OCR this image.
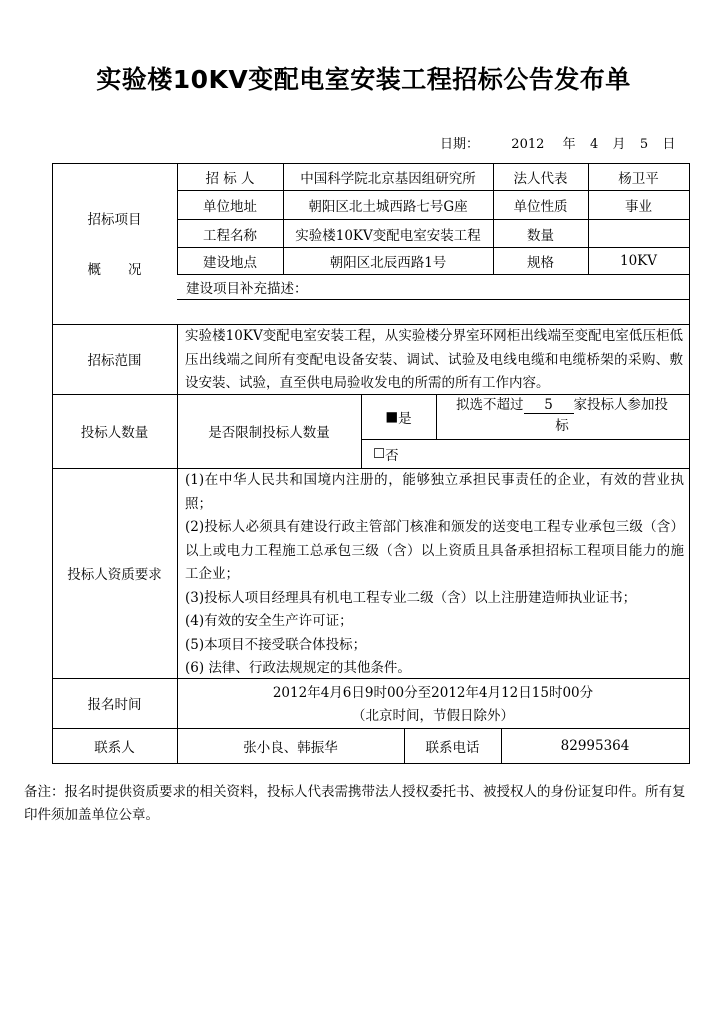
实验楼10KV变配电室安装工程招标公告发布单
日期： 2012 年 4 月 5 日
招标项目
概　　况
招 标 人	中国科学院北京基因组研究所	法人代表	杨卫平
单位地址	朝阳区北土城西路七号G座	单位性质	事业
工程名称	实验楼10KV变配电室安装工程	数量
建设地点	朝阳区北辰西路1号	规格	10KV
建设项目补充描述：
招标范围
实验楼10KV变配电室安装工程，从实验楼分界室环网柜出线端至变配电室低压柜低压出线端之间所有变配电设备安装、调试、试验及电线电缆和电缆桥架的采购、敷设安装、试验，直至供电局验收发电的所需的所有工作内容。
投标人数量	是否限制投标人数量
■ 是

拟选不超过 5 家投标人参加投

标

☐ 否
投标人资质要求

(1)在中华人民共和国境内注册的，能够独立承担民事责任的企业，有效的营业执照；

(2)投标人必须具有建设行政主管部门核准和颁发的送变电工程专业承包三级（含）以上或电力工程施工总承包三级（含）以上资质且具备承担招标工程项目能力的施工企业；

(3)投标人项目经理具有机电工程专业二级（含）以上注册建造师执业证书；

(4)有效的安全生产许可证；

(5)本项目不接受联合体投标；

(6) 法律、行政法规规定的其他条件。

报名时间
2012年4月6日9时00分至2012年4月12日15时00分
（北京时间，节假日除外）
联系人	张小良、韩振华	联系电话	82995364
备注：报名时提供资质要求的相关资料，投标人代表需携带法人授权委托书、被授权人的身份证复印件。所有复印件须加盖单位公章。
